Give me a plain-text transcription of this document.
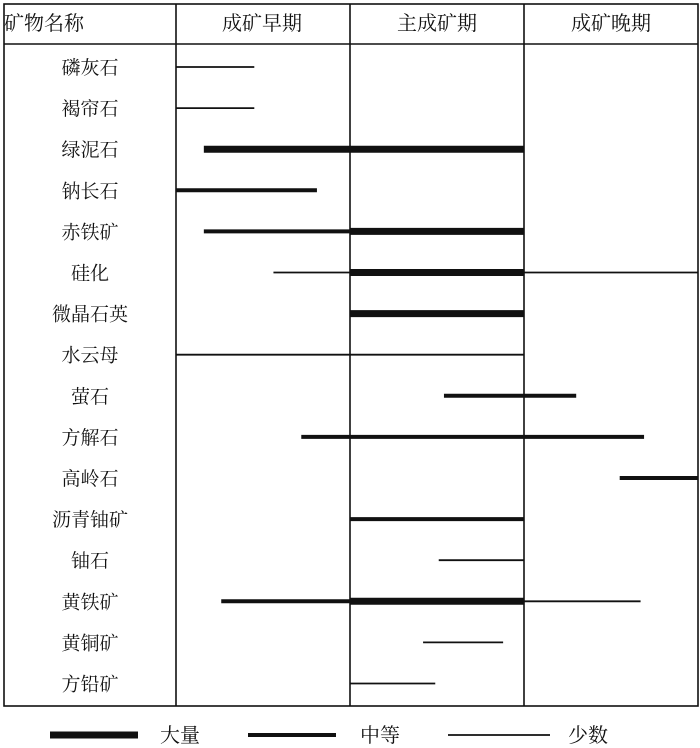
矿物名称	成矿早期	主成矿期	成矿晚期
磷灰石
褐帘石
绿泥石
钠长石
赤铁矿
硅化
微晶石英
水云母
萤石
方解石
高岭石
沥青铀矿
铀石
黄铁矿
黄铜矿
方铅矿
大量	中等	少数
